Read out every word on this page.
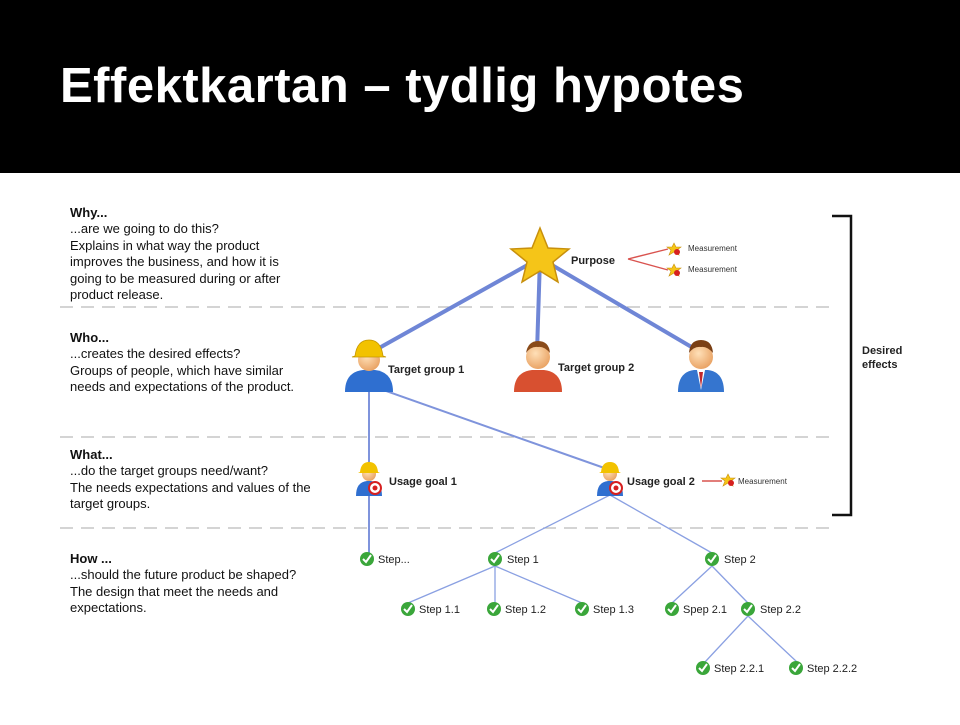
Effektkartan – tydlig hypotes
Why...
...are we going to do this?
Explains in what way the product
improves the business, and how it is
going to be measured during or after
product release.
Who...
...creates the desired effects?
Groups of people, which have similar
needs and expectations of the product.
What...
...do the target groups need/want?
The needs expectations and values of the
target groups.
How ...
...should the future product be shaped?
The design that meet the needs and
expectations.
Purpose
Measurement
Measurement
Target group 1	Target group 2
Usage goal 1	Usage goal 2	Measurement
Desired
effects
Step...	Step 1	Step 2
Step 1.1	Step 1.2	Step 1.3	Spep 2.1	Step 2.2
Step 2.2.1	Step 2.2.2
